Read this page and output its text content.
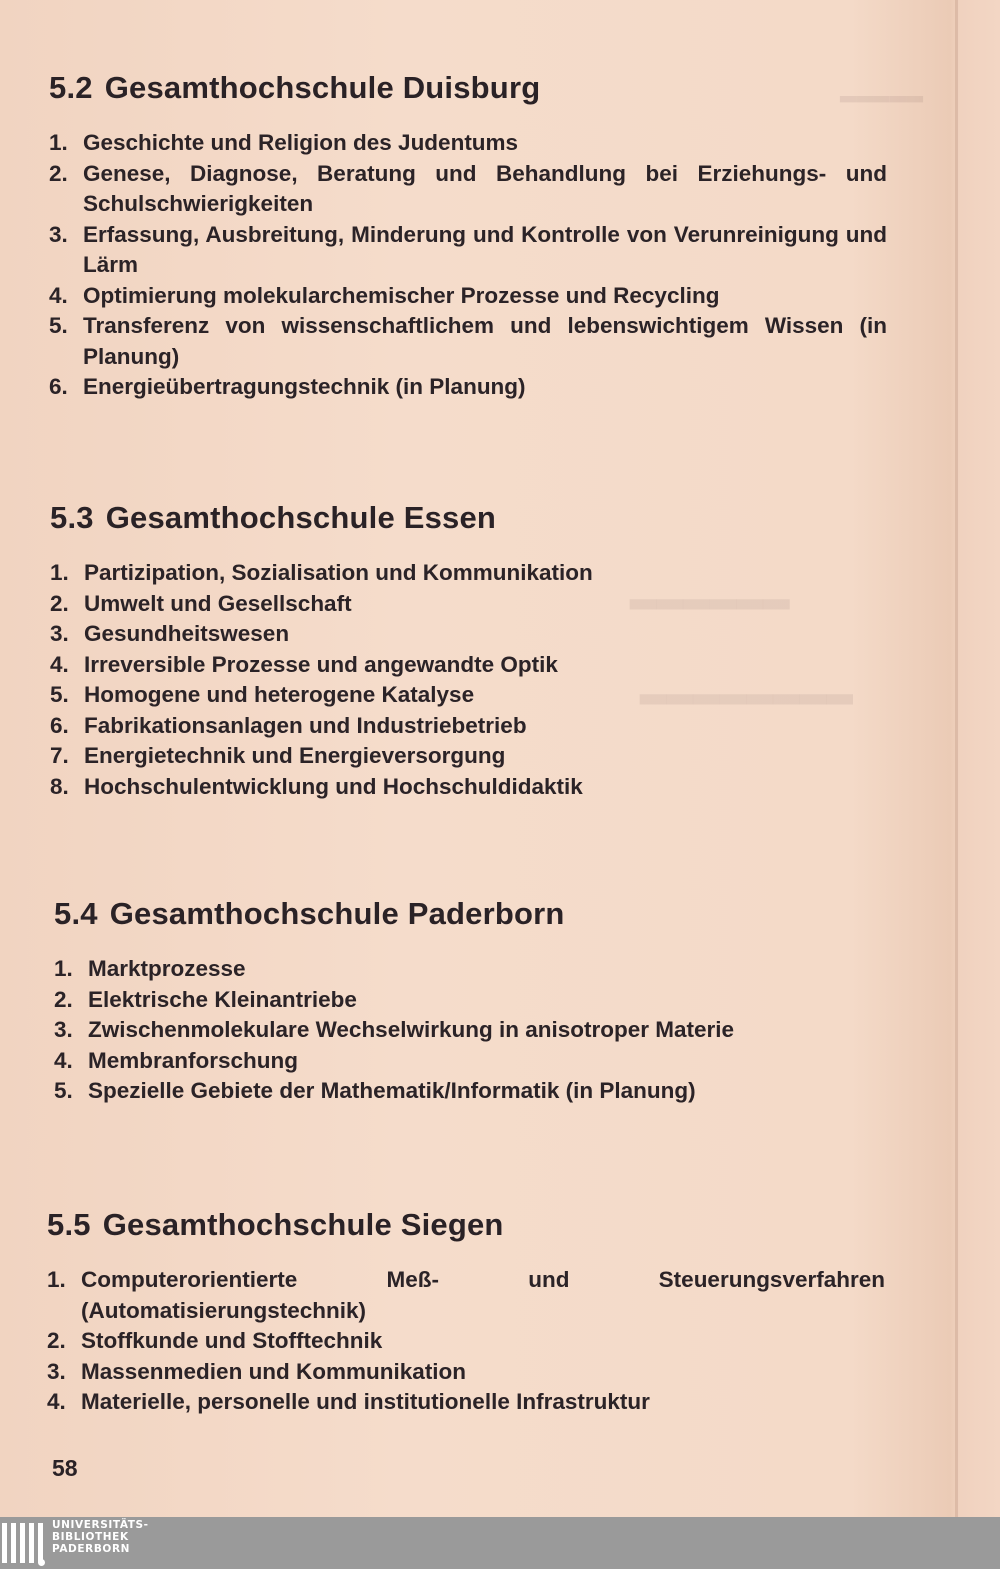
▂▂▂▂▂
▂▂▂▂▂▂
▂▂▂▂▂▂▂▂
5.2 Gesamthochschule Duisburg
1. Geschichte und Religion des Judentums
2. Genese, Diagnose, Beratung und Behandlung bei Erziehungs- und Schulschwierigkeiten
3. Erfassung, Ausbreitung, Minderung und Kontrolle von Verunreinigung und Lärm
4. Optimierung molekularchemischer Prozesse und Recycling
5. Transferenz von wissenschaftlichem und lebenswichtigem Wissen (in Planung)
6. Energieübertragungstechnik (in Planung)
5.3 Gesamthochschule Essen
1. Partizipation, Sozialisation und Kommunikation
2. Umwelt und Gesellschaft
3. Gesundheitswesen
4. Irreversible Prozesse und angewandte Optik
5. Homogene und heterogene Katalyse
6. Fabrikationsanlagen und Industriebetrieb
7. Energietechnik und Energieversorgung
8. Hochschulentwicklung und Hochschuldidaktik
5.4 Gesamthochschule Paderborn
1. Marktprozesse
2. Elektrische Kleinantriebe
3. Zwischenmolekulare Wechselwirkung in anisotroper Materie
4. Membranforschung
5. Spezielle Gebiete der Mathematik/Informatik (in Planung)
5.5 Gesamthochschule Siegen
1. Computerorientierte Meß- und Steuerungsverfahren (Automatisierungstechnik)
2. Stoffkunde und Stofftechnik
3. Massenmedien und Kommunikation
4. Materielle, personelle und institutionelle Infrastruktur
58
UNIVERSITÄTS-
BIBLIOTHEK
PADERBORN
